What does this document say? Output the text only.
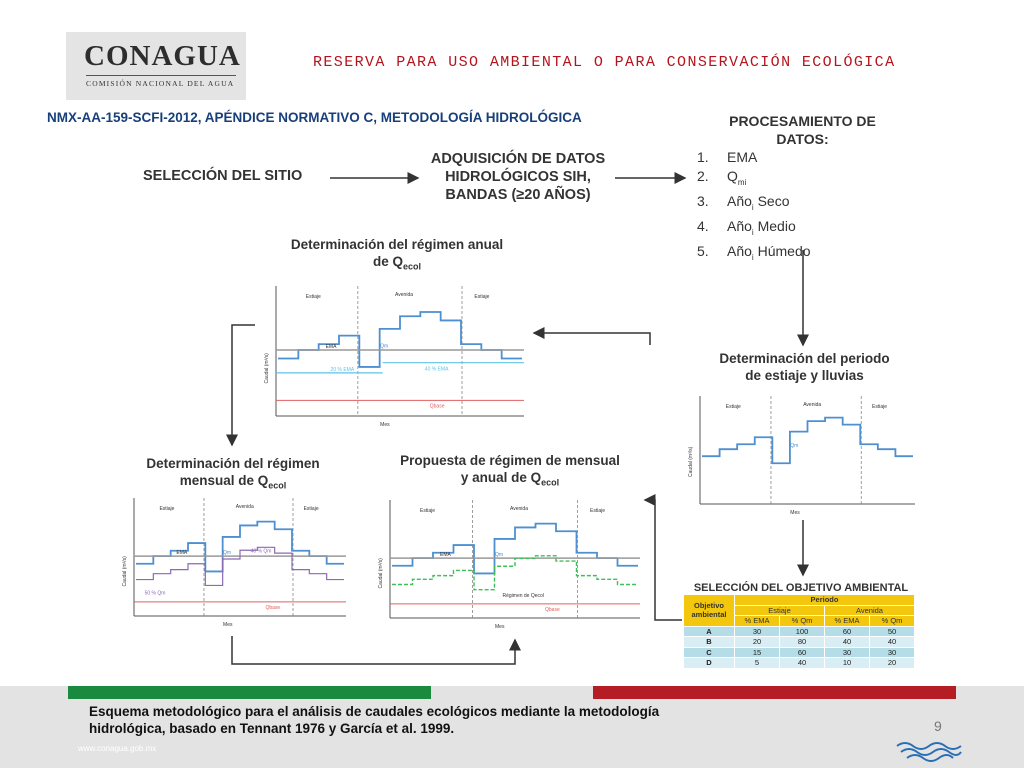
CONAGUA
COMISIÓN NACIONAL DEL AGUA
RESERVA PARA USO AMBIENTAL O PARA CONSERVACIÓN ECOLÓGICA
NMX-AA-159-SCFI-2012, APÉNDICE NORMATIVO C, METODOLOGÍA HIDROLÓGICA
SELECCIÓN DEL SITIO
ADQUISICIÓN DE DATOS
HIDROLÓGICOS SIH,
BANDAS (≥20 AÑOS)
PROCESAMIENTO DE
DATOS:
1. EMA
2. $Q_{mi}$
3. Año$_i$ Seco
4. Año$_i$ Medio
5. Año$_i$ Húmedo
Determinación del régimen anual
de $Q_{ecol}$
Determinación del periodo
de estiaje y lluvias
Determinación del régimen
mensual de $Q_{ecol}$
Propuesta de régimen de mensual
y anual de $Q_{ecol}$
SELECCIÓN DEL OBJETIVO AMBIENTAL
Estiaje	Avenida	Estiaje
Qm
EMA
Qbase
20 % EMA	40 % EMA
Caudal (m³/s)
Mes
Estiaje	Avenida	Estiaje
Qm
Caudal (m³/s)
Mes
Estiaje	Avenida	Estiaje
Qm
EMA
Qbase
40 % Qm
50 % Qm
Caudal (m³/s)
Mes
Estiaje	Avenida	Estiaje
Qm
EMA
Qbase
Régimen de Qecol
Caudal (m³/s)
Mes
Objetivo
ambiental	Periodo			
	Estiaje		Avenida	
	% EMA	% Qm	% EMA	% Qm
A	30	100	60	50
B	20	80	40	40
C	15	60	30	30
D	5	40	10	20
Esquema metodológico para el análisis de caudales ecológicos mediante la metodología
hidrológica, basado en Tennant 1976 y García et al. 1999.	9
www.conagua.gob.mx
